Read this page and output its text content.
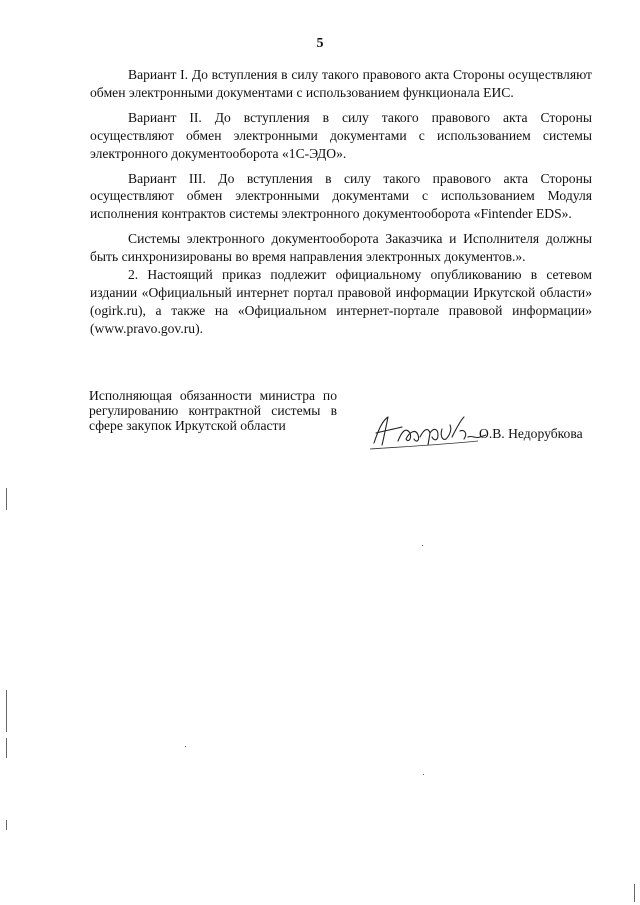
5

Вариант I. До вступления в силу такого правового акта Стороны осуществляют обмен электронными документами с использованием функционала ЕИС.

Вариант II. До вступления в силу такого правового акта Стороны осуществляют обмен электронными документами с использованием системы электронного документооборота «1С-ЭДО».

Вариант III. До вступления в силу такого правового акта Стороны осуществляют обмен электронными документами с использованием Модуля исполнения контрактов системы электронного документооборота «Fintender EDS».

Системы электронного документооборота Заказчика и Исполнителя должны быть синхронизированы во время направления электронных документов.».

2. Настоящий приказ подлежит официальному опубликованию в сетевом издании «Официальный интернет портал правовой информации Иркутской области» (ogirk.ru), а также на «Официальном интернет-портале правовой информации» (www.pravo.gov.ru).

Исполняющая обязанности министра по регулированию контрактной системы в сфере закупок Иркутской области
О.В. Недорубкова
